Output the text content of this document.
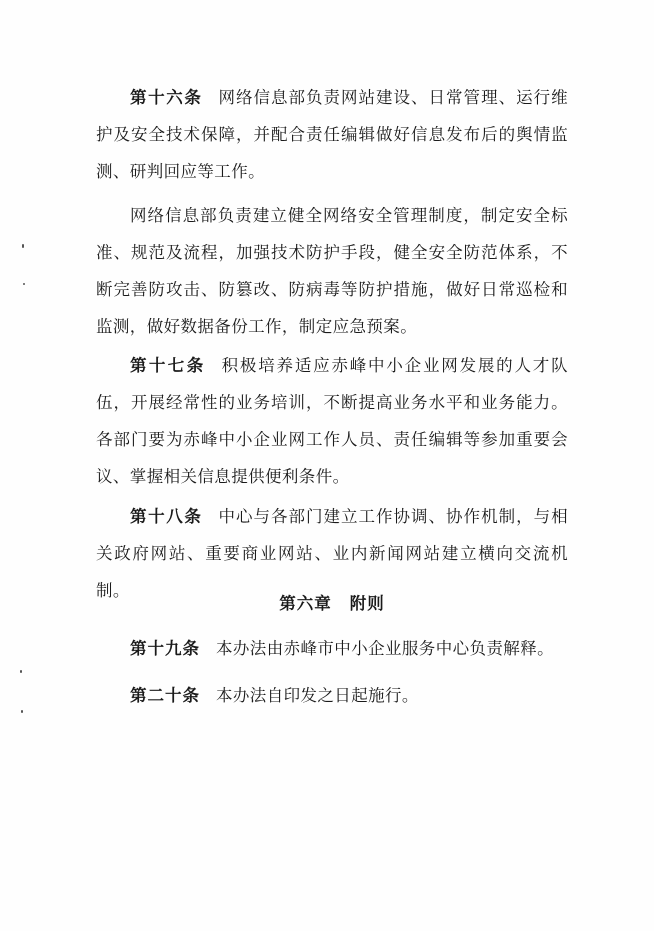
第十六条 网络信息部负责网站建设、日常管理、运行维护及安全技术保障，并配合责任编辑做好信息发布后的舆情监测、研判回应等工作。

网络信息部负责建立健全网络安全管理制度，制定安全标准、规范及流程，加强技术防护手段，健全安全防范体系，不断完善防攻击、防篡改、防病毒等防护措施，做好日常巡检和监测，做好数据备份工作，制定应急预案。

第十七条 积极培养适应赤峰中小企业网发展的人才队伍，开展经常性的业务培训，不断提高业务水平和业务能力。各部门要为赤峰中小企业网工作人员、责任编辑等参加重要会议、掌握相关信息提供便利条件。

第十八条 中心与各部门建立工作协调、协作机制，与相关政府网站、重要商业网站、业内新闻网站建立横向交流机制。

第六章 附则

第十九条 本办法由赤峰市中小企业服务中心负责解释。

第二十条 本办法自印发之日起施行。
